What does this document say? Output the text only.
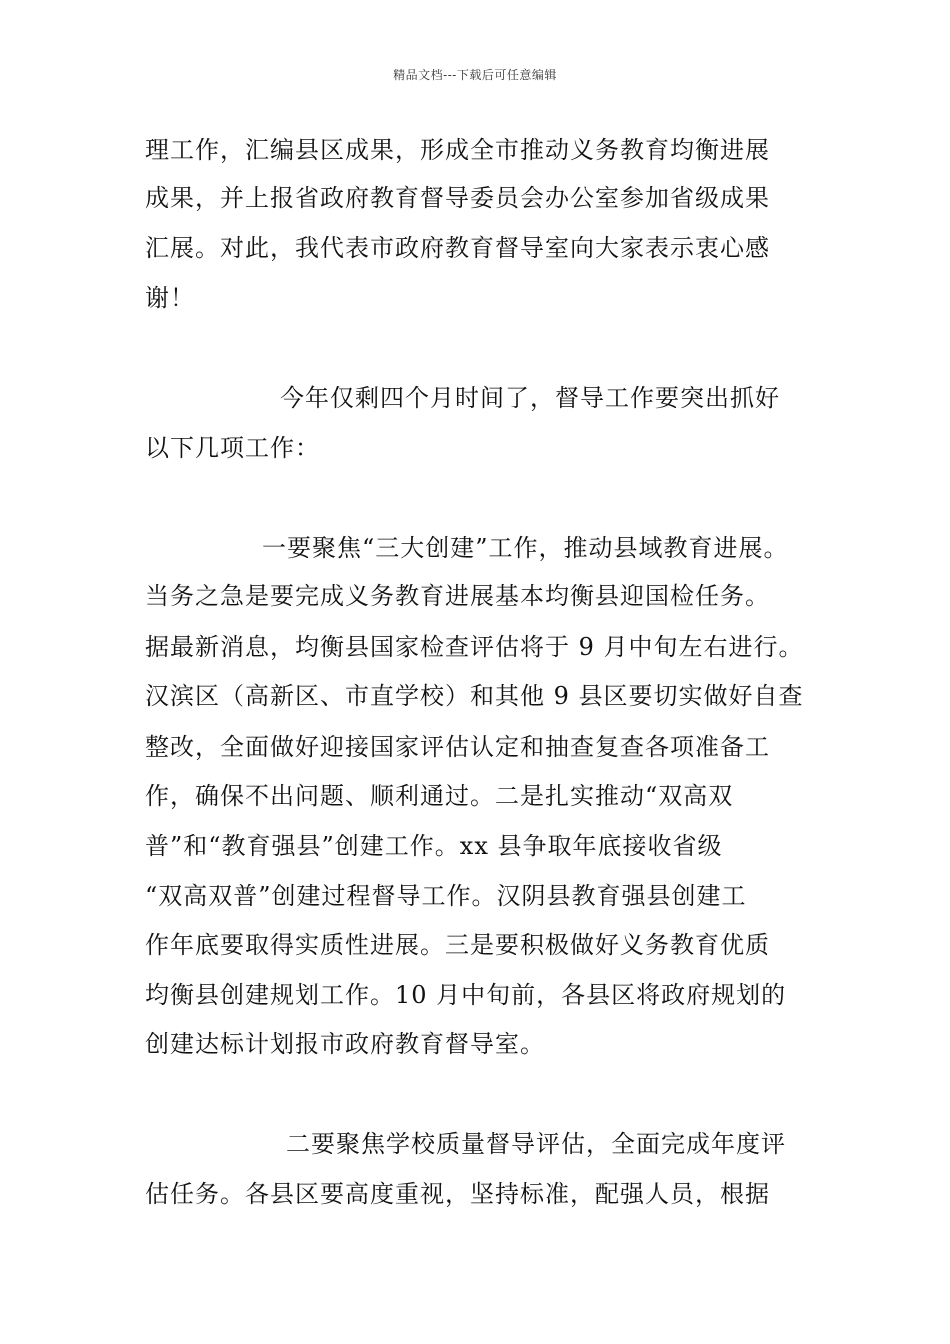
精品文档---下载后可任意编辑
理工作，汇编县区成果，形成全市推动义务教育均衡进展
成果，并上报省政府教育督导委员会办公室参加省级成果
汇展。对此，我代表市政府教育督导室向大家表示衷心感
谢！
今年仅剩四个月时间了，督导工作要突出抓好
以下几项工作：
一要聚焦“三大创建”工作，推动县域教育进展。
当务之急是要完成义务教育进展基本均衡县迎国检任务。
据最新消息，均衡县国家检查评估将于 9 月中旬左右进行。
汉滨区（高新区、市直学校）和其他 9 县区要切实做好自查
整改，全面做好迎接国家评估认定和抽查复查各项准备工
作，确保不出问题、顺利通过。二是扎实推动“双高双
普”和“教育强县”创建工作。xx 县争取年底接收省级
“双高双普”创建过程督导工作。汉阴县教育强县创建工
作年底要取得实质性进展。三是要积极做好义务教育优质
均衡县创建规划工作。10 月中旬前，各县区将政府规划的
创建达标计划报市政府教育督导室。
二要聚焦学校质量督导评估，全面完成年度评
估任务。各县区要高度重视，坚持标准，配强人员，根据
